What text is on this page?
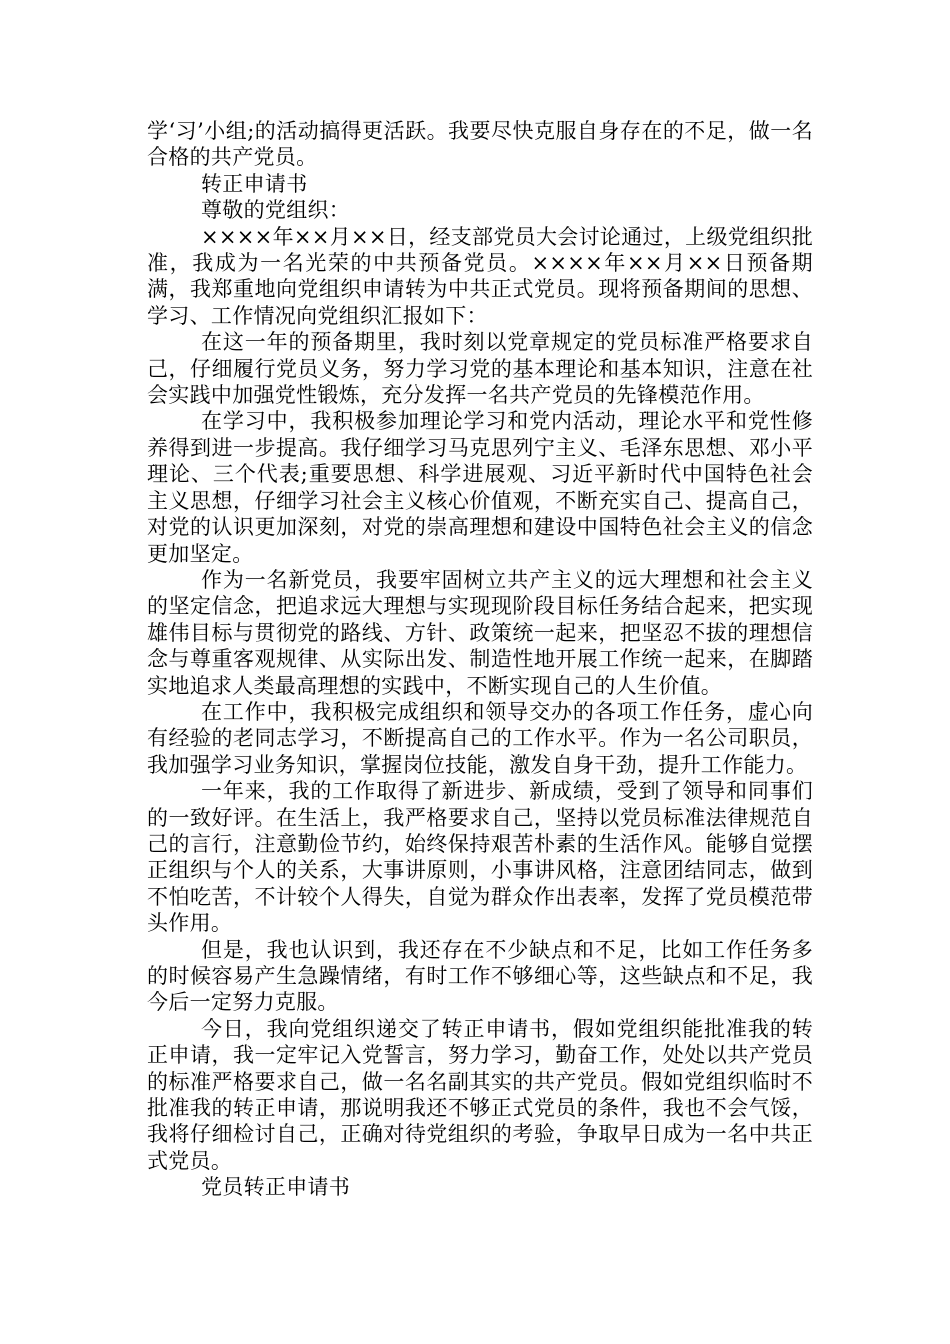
学‘习’小组;的活动搞得更活跃。我要尽快克服自身存在的不足，做一名合格的共产党员。

转正申请书

尊敬的党组织：

××××年××月××日，经支部党员大会讨论通过，上级党组织批准，我成为一名光荣的中共预备党员。××××年××月××日预备期满，我郑重地向党组织申请转为中共正式党员。现将预备期间的思想、学习、工作情况向党组织汇报如下：

在这一年的预备期里，我时刻以党章规定的党员标准严格要求自己，仔细履行党员义务，努力学习党的基本理论和基本知识，注意在社会实践中加强党性锻炼，充分发挥一名共产党员的先锋模范作用。

在学习中，我积极参加理论学习和党内活动，理论水平和党性修养得到进一步提高。我仔细学习马克思列宁主义、毛泽东思想、邓小平理论、三个代表;重要思想、科学进展观、习近平新时代中国特色社会主义思想，仔细学习社会主义核心价值观，不断充实自己、提高自己，对党的认识更加深刻，对党的崇高理想和建设中国特色社会主义的信念更加坚定。

作为一名新党员，我要牢固树立共产主义的远大理想和社会主义的坚定信念，把追求远大理想与实现现阶段目标任务结合起来，把实现雄伟目标与贯彻党的路线、方针、政策统一起来，把坚忍不拔的理想信念与尊重客观规律、从实际出发、制造性地开展工作统一起来，在脚踏实地追求人类最高理想的实践中，不断实现自己的人生价值。

在工作中，我积极完成组织和领导交办的各项工作任务，虚心向有经验的老同志学习，不断提高自己的工作水平。作为一名公司职员，我加强学习业务知识，掌握岗位技能，激发自身干劲，提升工作能力。

一年来，我的工作取得了新进步、新成绩，受到了领导和同事们的一致好评。在生活上，我严格要求自己，坚持以党员标准法律规范自己的言行，注意勤俭节约，始终保持艰苦朴素的生活作风。能够自觉摆正组织与个人的关系，大事讲原则，小事讲风格，注意团结同志，做到不怕吃苦，不计较个人得失，自觉为群众作出表率，发挥了党员模范带头作用。

但是，我也认识到，我还存在不少缺点和不足，比如工作任务多的时候容易产生急躁情绪，有时工作不够细心等，这些缺点和不足，我今后一定努力克服。

今日，我向党组织递交了转正申请书，假如党组织能批准我的转正申请，我一定牢记入党誓言，努力学习，勤奋工作，处处以共产党员的标准严格要求自己，做一名名副其实的共产党员。假如党组织临时不批准我的转正申请，那说明我还不够正式党员的条件，我也不会气馁，我将仔细检讨自己，正确对待党组织的考验，争取早日成为一名中共正式党员。

党员转正申请书
